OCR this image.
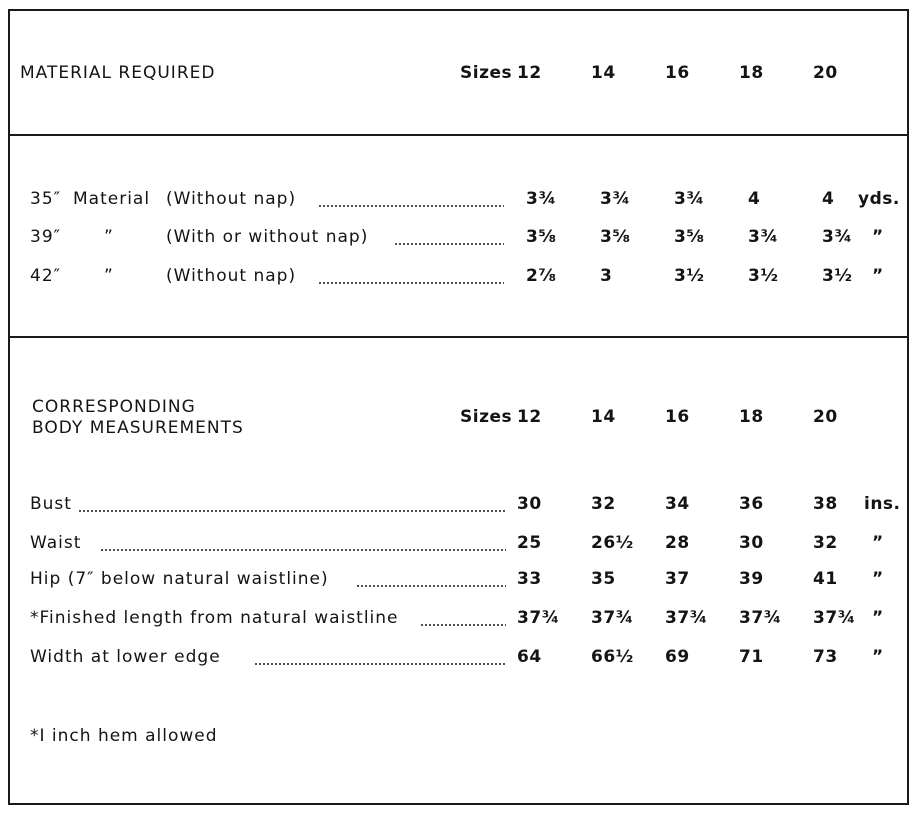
MATERIAL REQUIRED	Sizes 12	14	16	18	20
35″ Material (Without nap)	3¾	3¾	3¾	4	4 yds.
39″	”	(With or without nap)	3⅝	3⅝	3⅝	3¾	3¾ ”
42″	”	(Without nap)	2⅞	3	3½	3½	3½ ”
CORRESPONDING
BODY MEASUREMENTS
Sizes 12	14	16	18	20
Bust	30	32	34	36	38 ins.
Waist	25	26½ 28	30	32 ”
Hip (7″ below natural waistline)	33	35	37	39	41 ”
*Finished length from natural waistline	37¾ 37¾ 37¾ 37¾ 37¾ ”
Width at lower edge	64	66½ 69	71	73 ”
*I inch hem allowed
